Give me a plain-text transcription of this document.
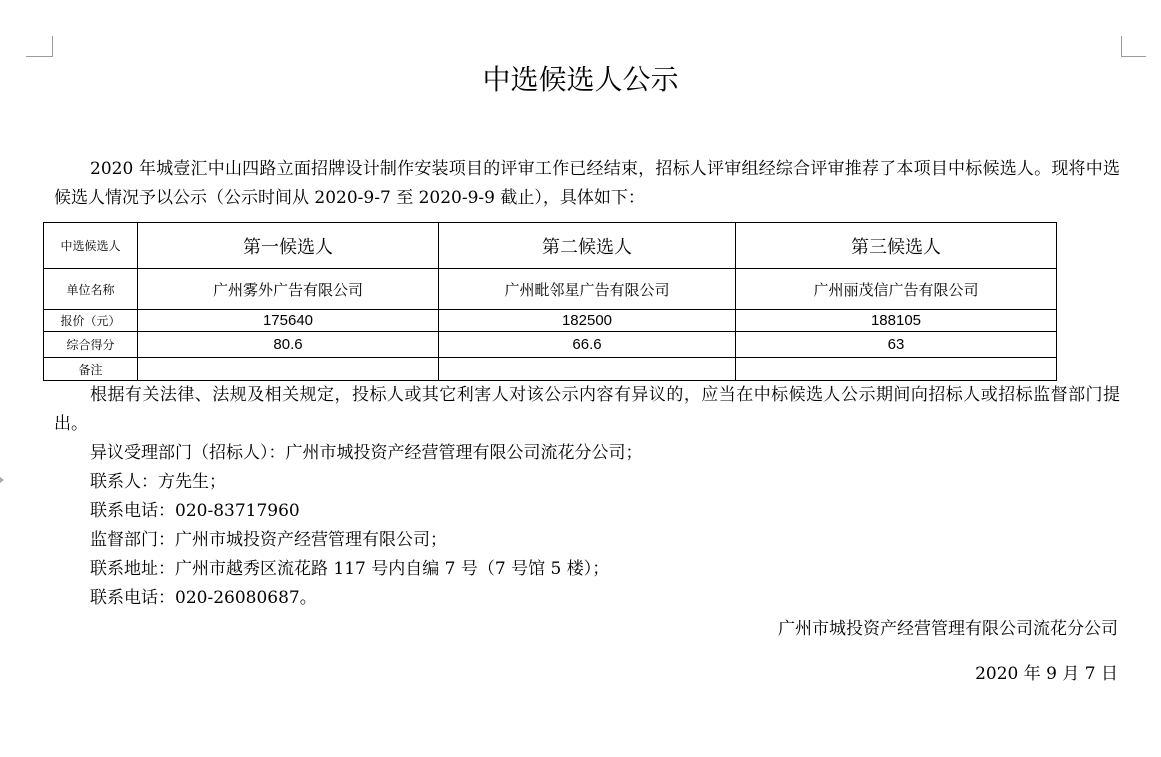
中选候选人公示
2020 年城壹汇中山四路立面招牌设计制作安装项目的评审工作已经结束，招标人评审组经综合评审推荐了本项目中标候选人。现将中选候选人情况予以公示（公示时间从 2020-9-7 至 2020-9-9 截止），具体如下：
中选候选人	第一候选人	第二候选人	第三候选人
单位名称	广州雾外广告有限公司	广州毗邻星广告有限公司	广州丽茂信广告有限公司
报价（元）	175640	182500	188105
综合得分	80.6	66.6	63
备注			
根据有关法律、法规及相关规定，投标人或其它利害人对该公示内容有异议的，应当在中标候选人公示期间向招标人或招标监督部门提出。
异议受理部门（招标人）：广州市城投资产经营管理有限公司流花分公司；
联系人：方先生；
联系电话：020-83717960
监督部门：广州市城投资产经营管理有限公司；
联系地址：广州市越秀区流花路 117 号内自编 7 号（7 号馆 5 楼）；
联系电话：020-26080687。
广州市城投资产经营管理有限公司流花分公司
2020 年 9 月 7 日
